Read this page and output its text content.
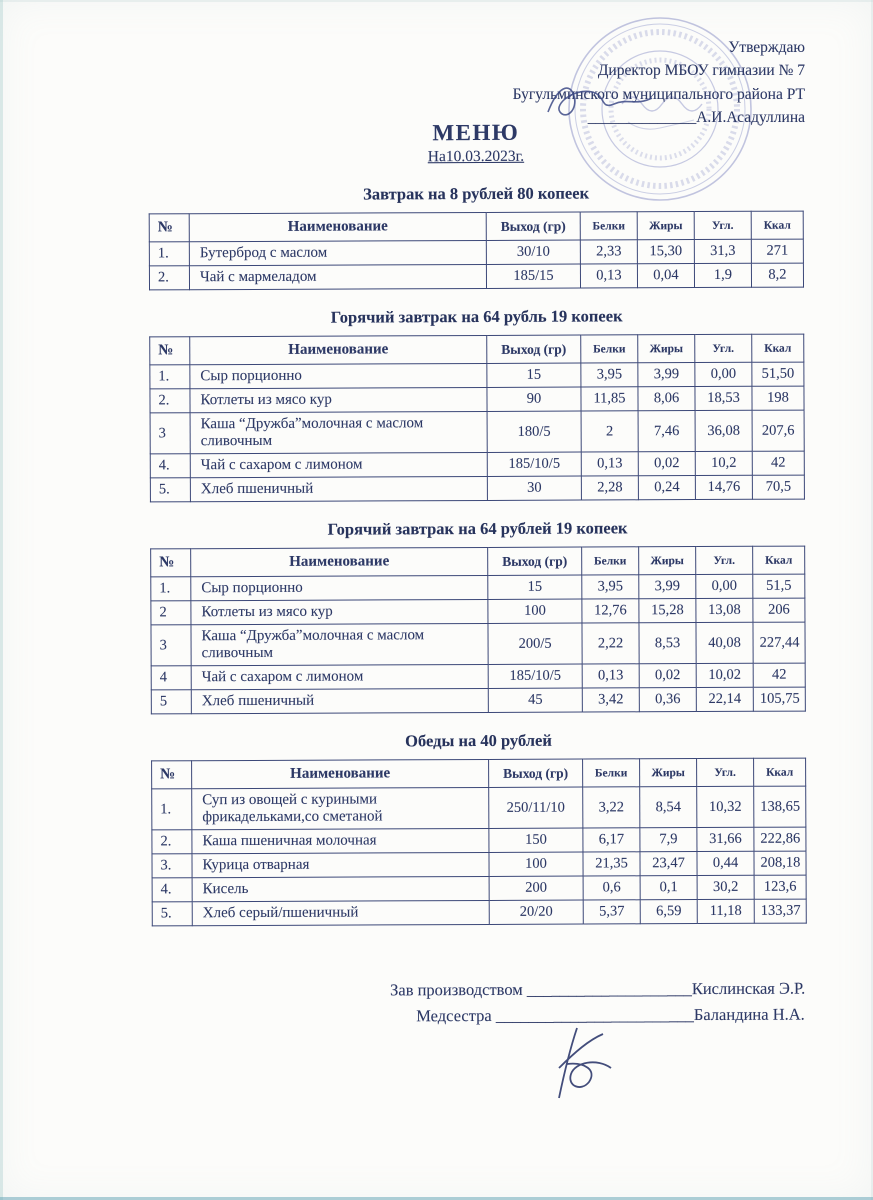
Утверждаю
Директор МБОУ гимназии № 7
Бугульминского муниципального района РТ
______________А.И.Асадуллина
МЕНЮ
На10.03.2023г.
Завтрак на 8 рублей 80 копеек
№	Наименование	Выход (гр)	Белки	Жиры	Угл.	Ккал
1.	Бутерброд с маслом	30/10	2,33	15,30	31,3	271
2.	Чай с мармеладом	185/15	0,13	0,04	1,9	8,2
Горячий завтрак на 64 рубль 19 копеек
№	Наименование	Выход (гр)	Белки	Жиры	Угл.	Ккал
1.	Сыр порционно	15	3,95	3,99	0,00	51,50
2.	Котлеты из мясо кур	90	11,85	8,06	18,53	198
3	Каша “Дружба”молочная с маслом сливочным	180/5	2	7,46	36,08	207,6
4.	Чай с сахаром с лимоном	185/10/5	0,13	0,02	10,2	42
5.	Хлеб пшеничный	30	2,28	0,24	14,76	70,5
Горячий завтрак на 64 рублей 19 копеек
№	Наименование	Выход (гр)	Белки	Жиры	Угл.	Ккал
1.	Сыр порционно	15	3,95	3,99	0,00	51,5
2	Котлеты из мясо кур	100	12,76	15,28	13,08	206
3	Каша “Дружба”молочная с маслом сливочным	200/5	2,22	8,53	40,08	227,44
4	Чай с сахаром с лимоном	185/10/5	0,13	0,02	10,02	42
5	Хлеб пшеничный	45	3,42	0,36	22,14	105,75
Обеды на 40 рублей
№	Наименование	Выход (гр)	Белки	Жиры	Угл.	Ккал
1.	Суп из овощей с куриными фрикадельками,со сметаной	250/11/10	3,22	8,54	10,32	138,65
2.	Каша пшеничная молочная	150	6,17	7,9	31,66	222,86
3.	Курица отварная	100	21,35	23,47	0,44	208,18
4.	Кисель	200	0,6	0,1	30,2	123,6
5.	Хлеб серый/пшеничный	20/20	5,37	6,59	11,18	133,37
Зав производством ____________________Кислинская Э.Р.
Медсестра ________________________Баландина Н.А.
